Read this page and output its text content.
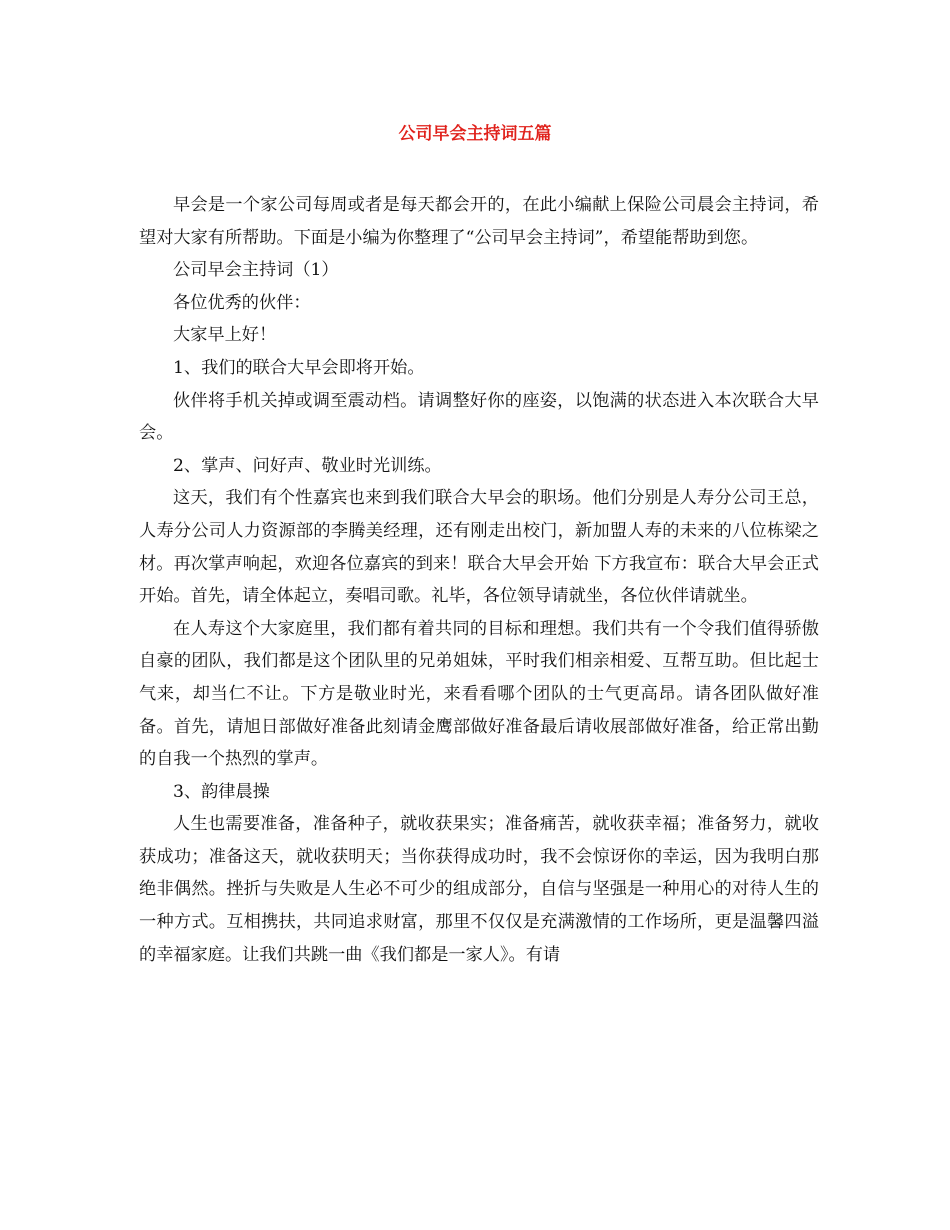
公司早会主持词五篇

早会是一个家公司每周或者是每天都会开的，在此小编献上保险公司晨会主持词，希望对大家有所帮助。下面是小编为你整理了“公司早会主持词”，希望能帮助到您。

公司早会主持词（1）

各位优秀的伙伴：

大家早上好！

1、我们的联合大早会即将开始。

伙伴将手机关掉或调至震动档。请调整好你的座姿，以饱满的状态进入本次联合大早会。

2、掌声、问好声、敬业时光训练。

这天，我们有个性嘉宾也来到我们联合大早会的职场。他们分别是人寿分公司王总，人寿分公司人力资源部的李腾美经理，还有刚走出校门，新加盟人寿的未来的八位栋梁之材。再次掌声响起，欢迎各位嘉宾的到来！联合大早会开始 下方我宣布：联合大早会正式开始。首先，请全体起立，奏唱司歌。礼毕，各位领导请就坐，各位伙伴请就坐。

在人寿这个大家庭里，我们都有着共同的目标和理想。我们共有一个令我们值得骄傲自豪的团队，我们都是这个团队里的兄弟姐妹，平时我们相亲相爱、互帮互助。但比起士气来，却当仁不让。下方是敬业时光，来看看哪个团队的士气更高昂。请各团队做好准备。首先，请旭日部做好准备此刻请金鹰部做好准备最后请收展部做好准备，给正常出勤的自我一个热烈的掌声。

3、韵律晨操

人生也需要准备，准备种子，就收获果实；准备痛苦，就收获幸福；准备努力，就收获成功；准备这天，就收获明天；当你获得成功时，我不会惊讶你的幸运，因为我明白那绝非偶然。挫折与失败是人生必不可少的组成部分，自信与坚强是一种用心的对待人生的一种方式。互相携扶，共同追求财富，那里不仅仅是充满激情的工作场所，更是温馨四溢的幸福家庭。让我们共跳一曲《我们都是一家人》。有请
